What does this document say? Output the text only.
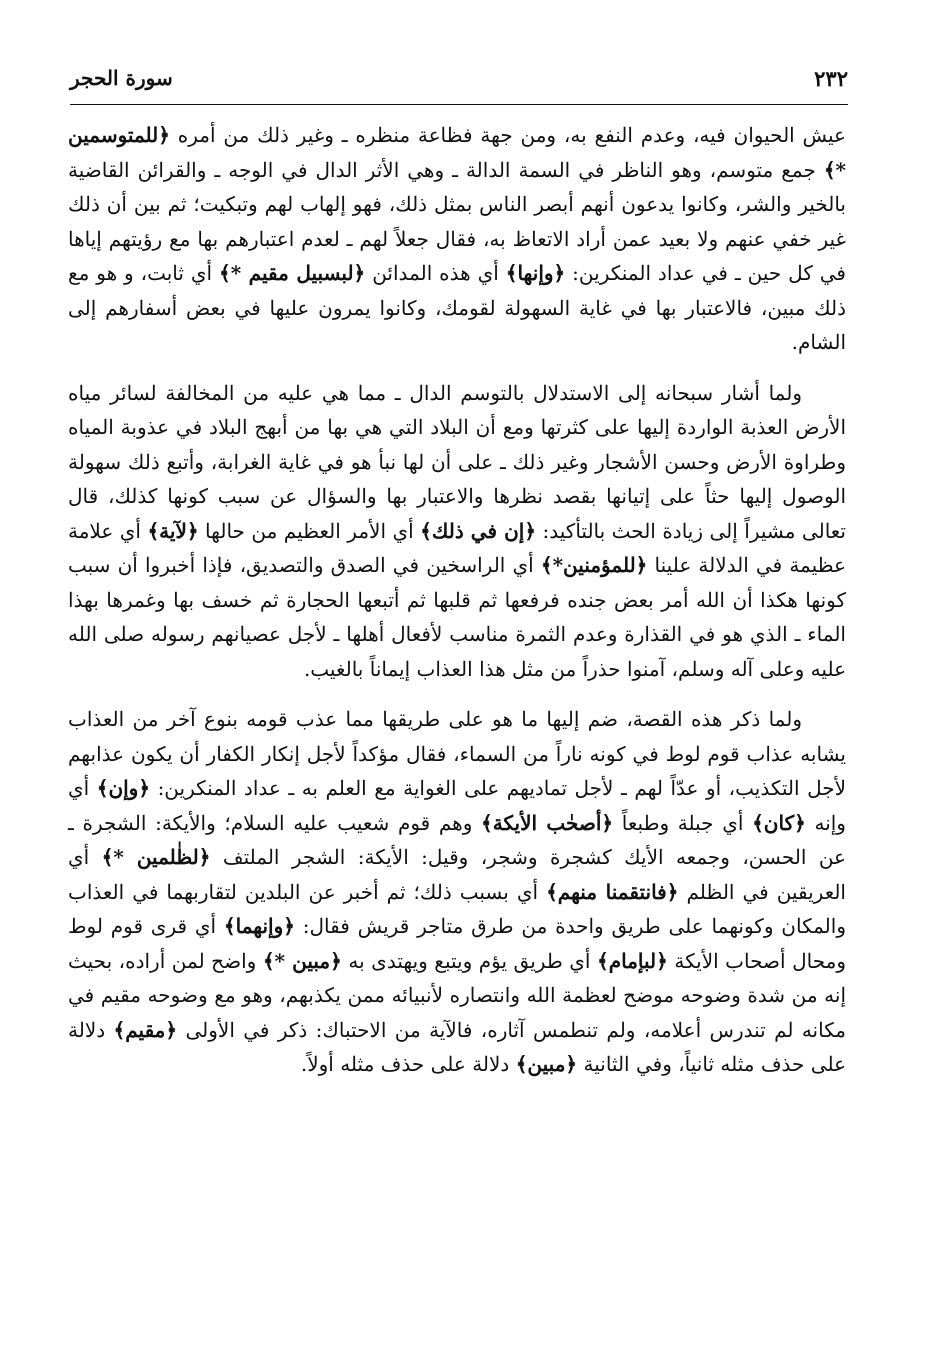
٢٣٢
سورة الحجر

عيش الحيوان فيه، وعدم النفع به، ومن جهة فظاعة منظره ـ وغير ذلك من أمره ﴿للمتوسمين *﴾ جمع متوسم، وهو الناظر في السمة الدالة ـ وهي الأثر الدال في الوجه ـ والقرائن القاضية بالخير والشر، وكانوا يدعون أنهم أبصر الناس بمثل ذلك، فهو إلهاب لهم وتبكيت؛ ثم بين أن ذلك غير خفي عنهم ولا بعيد عمن أراد الاتعاظ به، فقال جعلاً لهم ـ لعدم اعتبارهم بها مع رؤيتهم إياها في كل حين ـ في عداد المنكرين: ﴿وإنها﴾ أي هذه المدائن ﴿لبسبيل مقيم *﴾ أي ثابت، و هو مع ذلك مبين، فالاعتبار بها في غاية السهولة لقومك، وكانوا يمرون عليها في بعض أسفارهم إلى الشام.

ولما أشار سبحانه إلى الاستدلال بالتوسم الدال ـ مما هي عليه من المخالفة لسائر مياه الأرض العذبة الواردة إليها على كثرتها ومع أن البلاد التي هي بها من أبهج البلاد في عذوبة المياه وطراوة الأرض وحسن الأشجار وغير ذلك ـ على أن لها نبأ هو في غاية الغرابة، وأتبع ذلك سهولة الوصول إليها حثاً على إتيانها بقصد نظرها والاعتبار بها والسؤال عن سبب كونها كذلك، قال تعالى مشيراً إلى زيادة الحث بالتأكيد: ﴿إن في ذلك﴾ أي الأمر العظيم من حالها ﴿لآية﴾ أي علامة عظيمة في الدلالة علينا ﴿للمؤمنين*﴾ أي الراسخين في الصدق والتصديق، فإذا أخبروا أن سبب كونها هكذا أن الله أمر بعض جنده فرفعها ثم قلبها ثم أتبعها الحجارة ثم خسف بها وغمرها بهذا الماء ـ الذي هو في القذارة وعدم الثمرة مناسب لأفعال أهلها ـ لأجل عصيانهم رسوله صلى الله عليه وعلى آله وسلم، آمنوا حذراً من مثل هذا العذاب إيماناً بالغيب.

ولما ذكر هذه القصة، ضم إليها ما هو على طريقها مما عذب قومه بنوع آخر من العذاب يشابه عذاب قوم لوط في كونه ناراً من السماء، فقال مؤكداً لأجل إنكار الكفار أن يكون عذابهم لأجل التكذيب، أو عدّاً لهم ـ لأجل تماديهم على الغواية مع العلم به ـ عداد المنكرين: ﴿وإن﴾ أي وإنه ﴿كان﴾ أي جبلة وطبعاً ﴿أصحٰب الأيكة﴾ وهم قوم شعيب عليه السلام؛ والأيكة: الشجرة ـ عن الحسن، وجمعه الأيك كشجرة وشجر، وقيل: الأيكة: الشجر الملتف ﴿لظٰلمين *﴾ أي العريقين في الظلم ﴿فانتقمنا منهم﴾ أي بسبب ذلك؛ ثم أخبر عن البلدين لتقاربهما في العذاب والمكان وكونهما على طريق واحدة من طرق متاجر قريش فقال: ﴿وإنهما﴾ أي قرى قوم لوط ومحال أصحاب الأيكة ﴿لبإمام﴾ أي طريق يؤم ويتبع ويهتدى به ﴿مبين *﴾ واضح لمن أراده، بحيث إنه من شدة وضوحه موضح لعظمة الله وانتصاره لأنبيائه ممن يكذبهم، وهو مع وضوحه مقيم في مكانه لم تندرس أعلامه، ولم تنطمس آثاره، فالآية من الاحتباك: ذكر في الأولى ﴿مقيم﴾ دلالة على حذف مثله ثانياً، وفي الثانية ﴿مبين﴾ دلالة على حذف مثله أولاً.
